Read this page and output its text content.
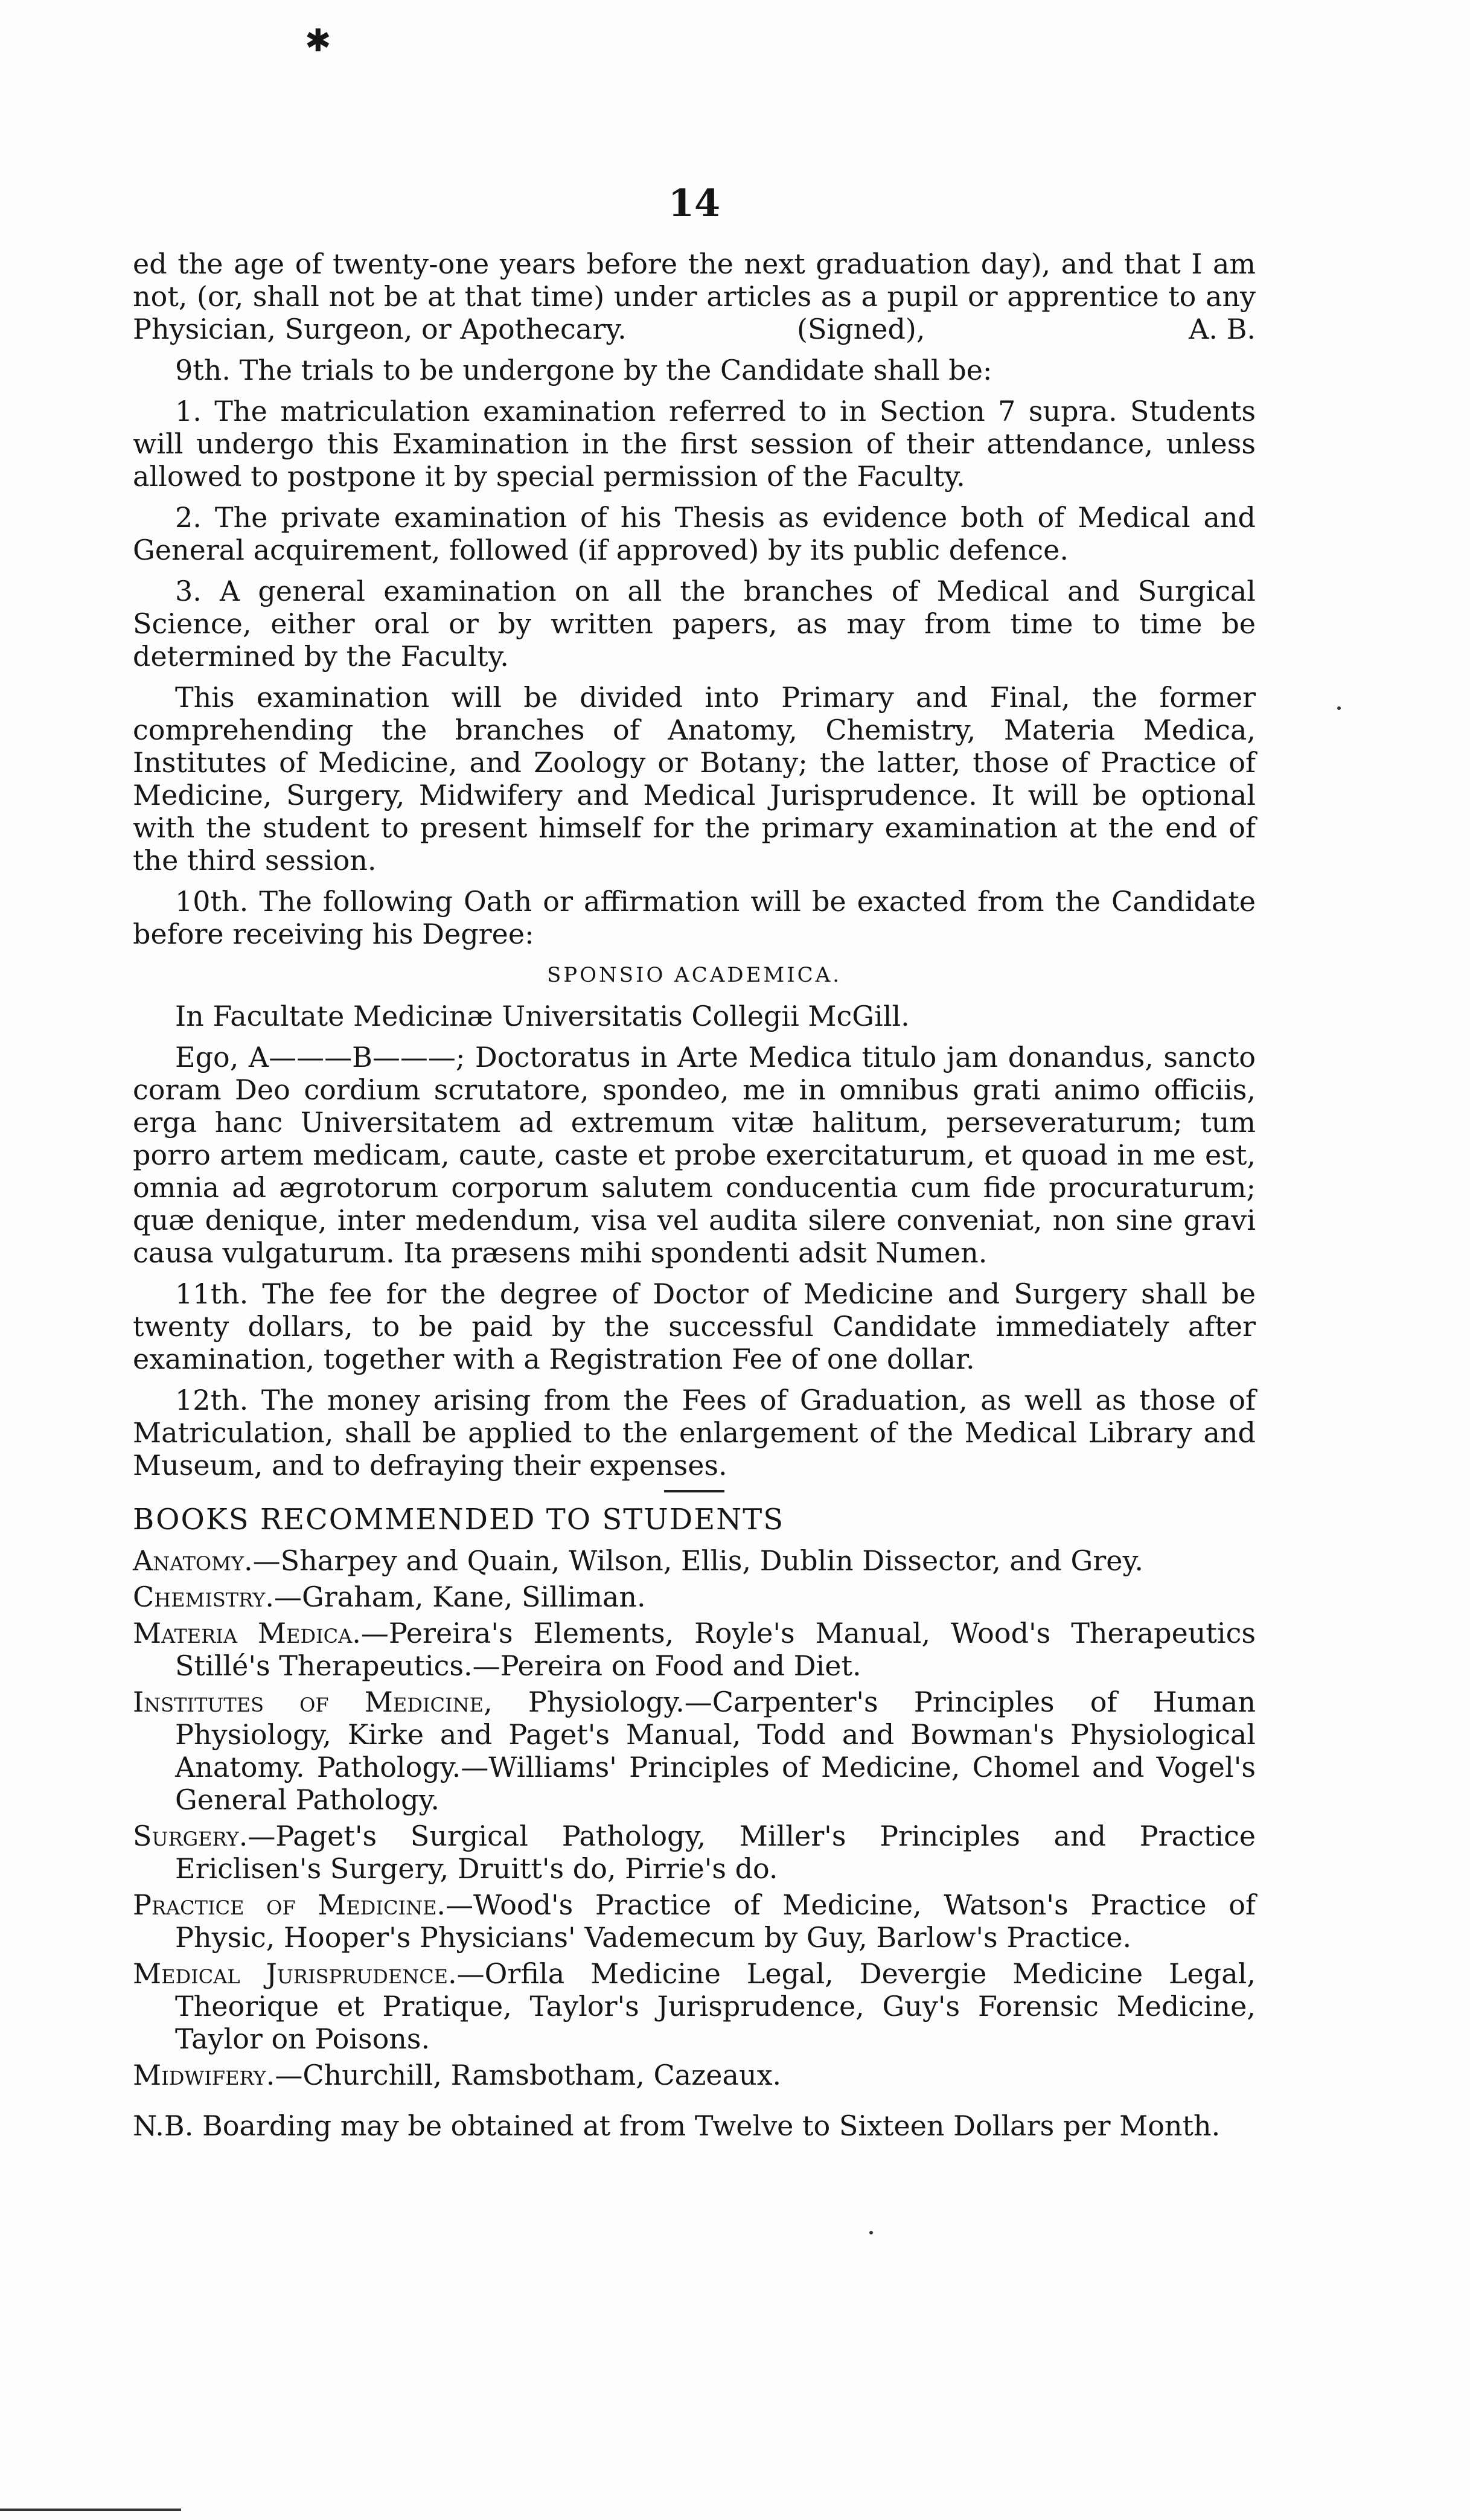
✱
14

ed the age of twenty-one years before the next graduation day), and that I am not, (or, shall not be at that time) under articles as a pupil or apprentice to any Physician, Surgeon, or Apothecary.	(Signed),	A. B.

9th. The trials to be undergone by the Candidate shall be:

1. The matriculation examination referred to in Section 7 supra. Students will undergo this Examination in the first session of their attendance, unless allowed to postpone it by special permission of the Faculty.

2. The private examination of his Thesis as evidence both of Medical and General acquirement, followed (if approved) by its public defence.

3. A general examination on all the branches of Medical and Surgical Science, either oral or by written papers, as may from time to time be determined by the Faculty.

This examination will be divided into Primary and Final, the former comprehending the branches of Anatomy, Chemistry, Materia Medica, Institutes of Medicine, and Zoology or Botany; the latter, those of Practice of Medicine, Surgery, Midwifery and Medical Jurisprudence. It will be optional with the student to present himself for the primary examination at the end of the third session.

10th. The following Oath or affirmation will be exacted from the Candidate before receiving his Degree:

SPONSIO ACADEMICA.

In Facultate Medicinæ Universitatis Collegii McGill.

Ego, A———B———; Doctoratus in Arte Medica titulo jam donandus, sancto coram Deo cordium scrutatore, spondeo, me in omnibus grati animo officiis, erga hanc Universitatem ad extremum vitæ halitum, perseveraturum; tum porro artem medicam, caute, caste et probe exercitaturum, et quoad in me est, omnia ad ægrotorum corporum salutem conducentia cum fide procuraturum; quæ denique, inter medendum, visa vel audita silere conveniat, non sine gravi causa vulgaturum. Ita præsens mihi spondenti adsit Numen.

11th. The fee for the degree of Doctor of Medicine and Surgery shall be twenty dollars, to be paid by the successful Candidate immediately after examination, together with a Registration Fee of one dollar.

12th. The money arising from the Fees of Graduation, as well as those of Matriculation, shall be applied to the enlargement of the Medical Library and Museum, and to defraying their expenses.

BOOKS RECOMMENDED TO STUDENTS

Anatomy.—Sharpey and Quain, Wilson, Ellis, Dublin Dissector, and Grey.

Chemistry.—Graham, Kane, Silliman.

Materia Medica.—Pereira's Elements, Royle's Manual, Wood's Therapeutics Stillé's Therapeutics.—Pereira on Food and Diet.

Institutes of Medicine, Physiology.—Carpenter's Principles of Human Physiology, Kirke and Paget's Manual, Todd and Bowman's Physiological Anatomy. Pathology.—Williams' Principles of Medicine, Chomel and Vogel's General Pathology.

Surgery.—Paget's Surgical Pathology, Miller's Principles and Practice Ericlisen's Surgery, Druitt's do, Pirrie's do.

Practice of Medicine.—Wood's Practice of Medicine, Watson's Practice of Physic, Hooper's Physicians' Vademecum by Guy, Barlow's Practice.

Medical Jurisprudence.—Orfila Medicine Legal, Devergie Medicine Legal, Theorique et Pratique, Taylor's Jurisprudence, Guy's Forensic Medicine, Taylor on Poisons.

Midwifery.—Churchill, Ramsbotham, Cazeaux.

N.B. Boarding may be obtained at from Twelve to Sixteen Dollars per Month.
